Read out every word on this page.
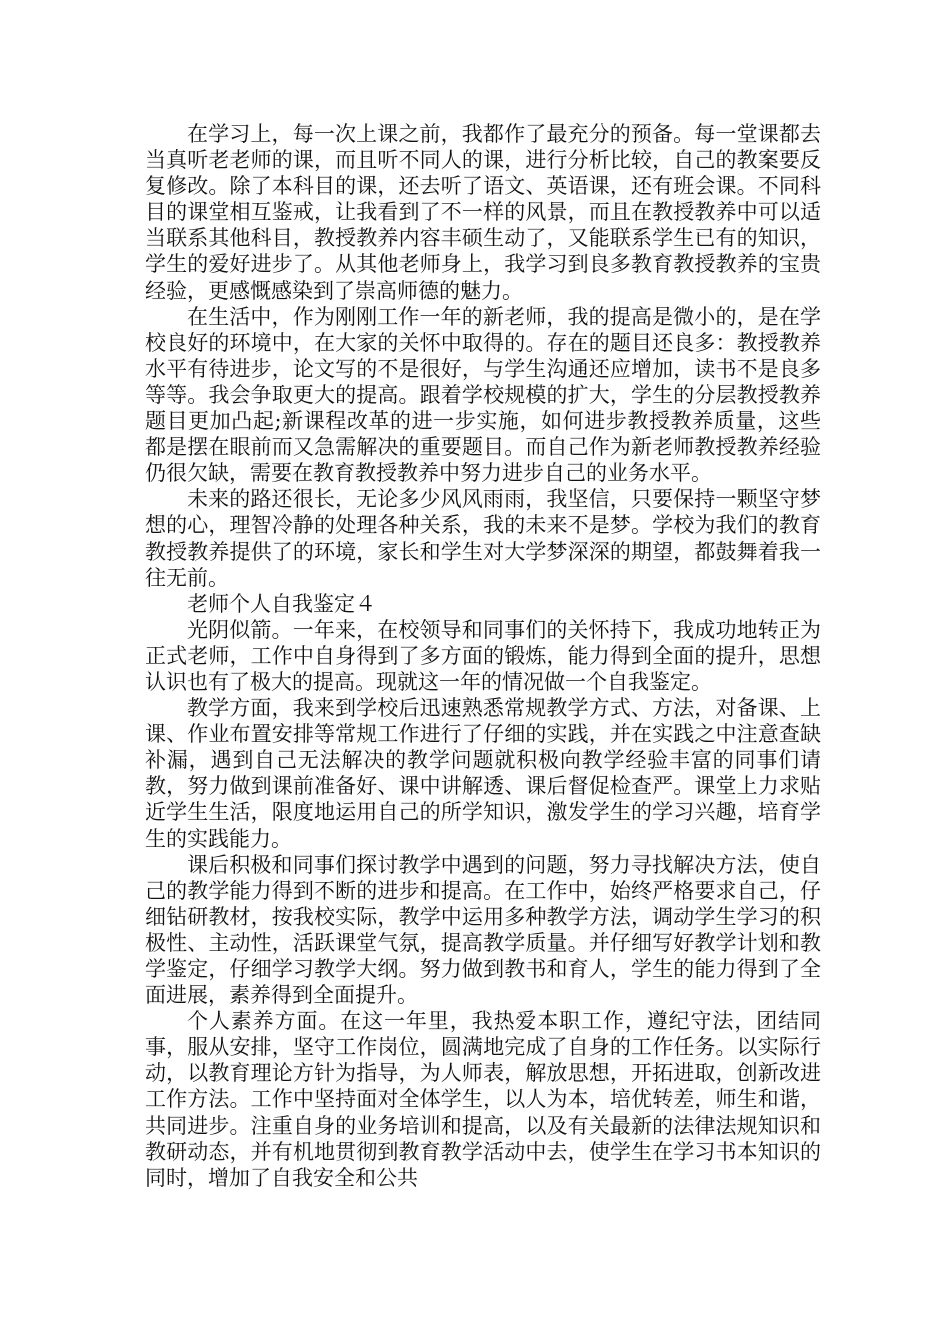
在学习上，每一次上课之前，我都作了最充分的预备。每一堂课都去当真听老老师的课，而且听不同人的课，进行分析比较，自己的教案要反复修改。除了本科目的课，还去听了语文、英语课，还有班会课。不同科目的课堂相互鉴戒，让我看到了不一样的风景，而且在教授教养中可以适当联系其他科目，教授教养内容丰硕生动了，又能联系学生已有的知识，学生的爱好进步了。从其他老师身上，我学习到良多教育教授教养的宝贵经验，更感慨感染到了崇高师德的魅力。

在生活中，作为刚刚工作一年的新老师，我的提高是微小的，是在学校良好的环境中，在大家的关怀中取得的。存在的题目还良多：教授教养水平有待进步，论文写的不是很好，与学生沟通还应增加，读书不是良多等等。我会争取更大的提高。跟着学校规模的扩大，学生的分层教授教养题目更加凸起;新课程改革的进一步实施，如何进步教授教养质量，这些都是摆在眼前而又急需解决的重要题目。而自己作为新老师教授教养经验仍很欠缺，需要在教育教授教养中努力进步自己的业务水平。

未来的路还很长，无论多少风风雨雨，我坚信，只要保持一颗坚守梦想的心，理智冷静的处理各种关系，我的未来不是梦。学校为我们的教育教授教养提供了的环境，家长和学生对大学梦深深的期望，都鼓舞着我一往无前。

老师个人自我鉴定４

光阴似箭。一年来，在校领导和同事们的关怀持下，我成功地转正为正式老师，工作中自身得到了多方面的锻炼，能力得到全面的提升，思想认识也有了极大的提高。现就这一年的情况做一个自我鉴定。

教学方面，我来到学校后迅速熟悉常规教学方式、方法，对备课、上课、作业布置安排等常规工作进行了仔细的实践，并在实践之中注意查缺补漏，遇到自己无法解决的教学问题就积极向教学经验丰富的同事们请教，努力做到课前准备好、课中讲解透、课后督促检查严。课堂上力求贴近学生生活，限度地运用自己的所学知识，激发学生的学习兴趣，培育学生的实践能力。

课后积极和同事们探讨教学中遇到的问题，努力寻找解决方法，使自己的教学能力得到不断的进步和提高。在工作中，始终严格要求自己，仔细钻研教材，按我校实际，教学中运用多种教学方法，调动学生学习的积极性、主动性，活跃课堂气氛，提高教学质量。并仔细写好教学计划和教学鉴定，仔细学习教学大纲。努力做到教书和育人，学生的能力得到了全面进展，素养得到全面提升。

个人素养方面。在这一年里，我热爱本职工作，遵纪守法，团结同事，服从安排，坚守工作岗位，圆满地完成了自身的工作任务。以实际行动，以教育理论方针为指导，为人师表，解放思想，开拓进取，创新改进工作方法。工作中坚持面对全体学生，以人为本，培优转差，师生和谐，共同进步。注重自身的业务培训和提高，以及有关最新的法律法规知识和教研动态，并有机地贯彻到教育教学活动中去，使学生在学习书本知识的同时，增加了自我安全和公共
